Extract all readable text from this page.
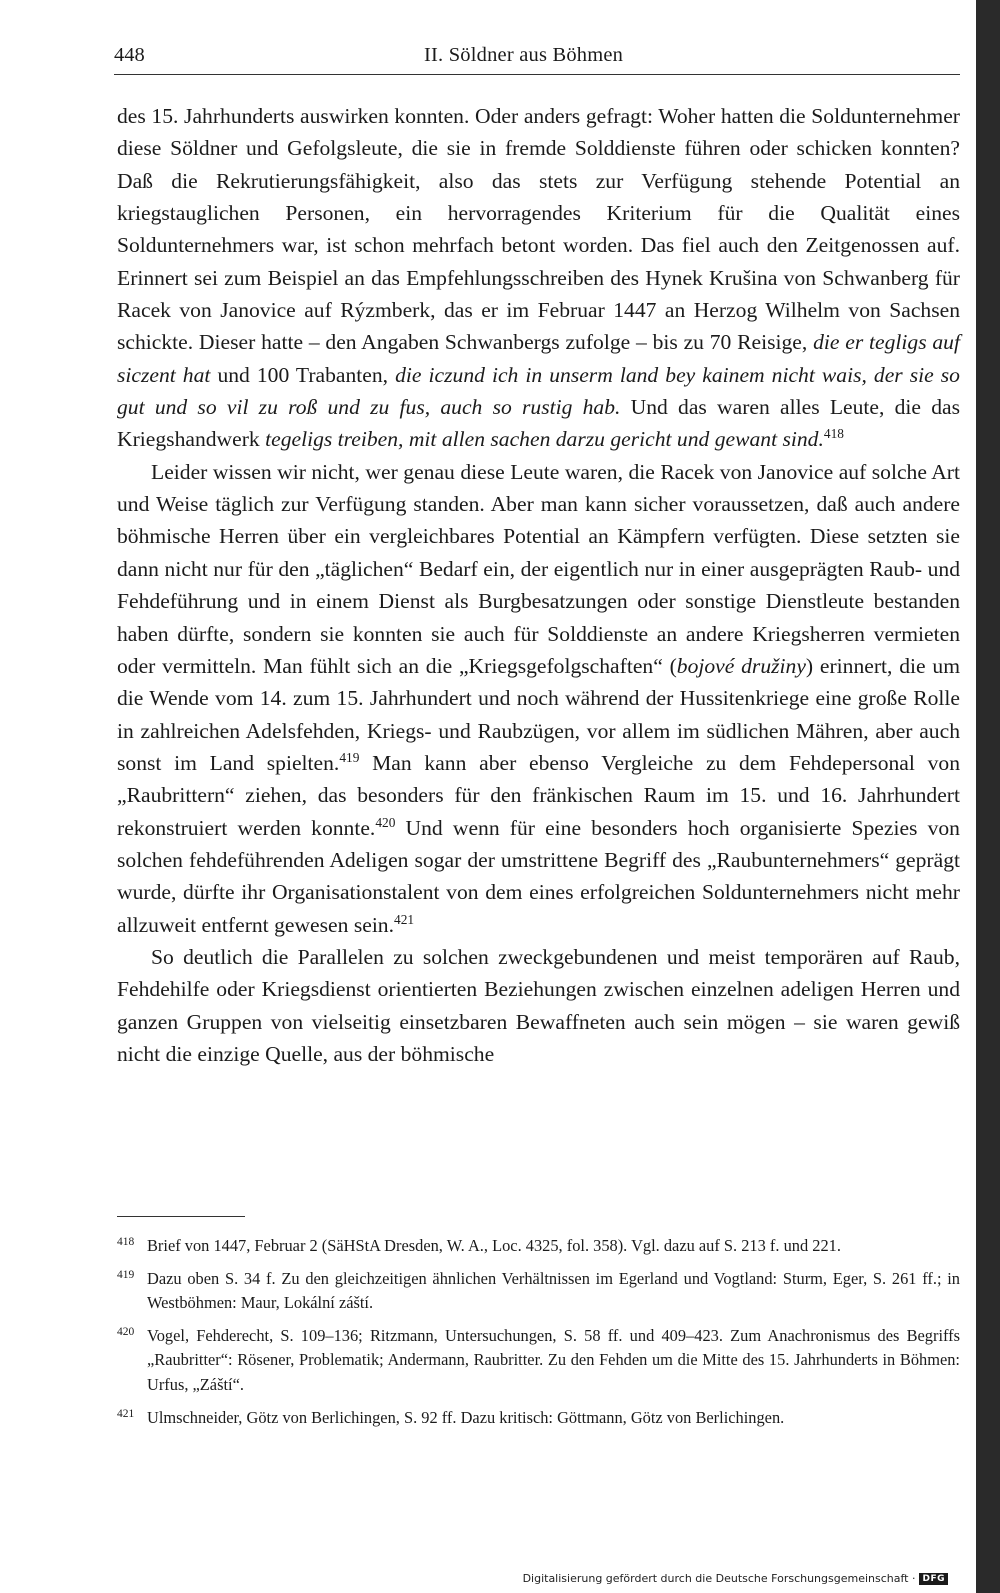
448	II. Söldner aus Böhmen

des 15. Jahrhunderts auswirken konnten. Oder anders gefragt: Woher hatten die Soldunternehmer diese Söldner und Gefolgsleute, die sie in fremde Solddienste führen oder schicken konnten? Daß die Rekrutierungsfähigkeit, also das stets zur Verfügung stehende Potential an kriegstauglichen Personen, ein hervorragendes Kriterium für die Qualität eines Soldunternehmers war, ist schon mehrfach betont worden. Das fiel auch den Zeitgenossen auf. Erinnert sei zum Beispiel an das Empfehlungsschreiben des Hynek Krušina von Schwanberg für Racek von Janovice auf Rýzmberk, das er im Februar 1447 an Herzog Wilhelm von Sachsen schickte. Dieser hatte – den Angaben Schwanbergs zufolge – bis zu 70 Reisige, die er tegligs auf siczent hat und 100 Trabanten, die iczund ich in unserm land bey kainem nicht wais, der sie so gut und so vil zu roß und zu fus, auch so rustig hab. Und das waren alles Leute, die das Kriegshandwerk tegeligs treiben, mit allen sachen darzu gericht und gewant sind.$^{418}$

Leider wissen wir nicht, wer genau diese Leute waren, die Racek von Janovice auf solche Art und Weise täglich zur Verfügung standen. Aber man kann sicher voraussetzen, daß auch andere böhmische Herren über ein vergleichbares Potential an Kämpfern verfügten. Diese setzten sie dann nicht nur für den „täglichen“ Bedarf ein, der eigentlich nur in einer ausgeprägten Raub- und Fehdeführung und in einem Dienst als Burgbesatzungen oder sonstige Dienstleute bestanden haben dürfte, sondern sie konnten sie auch für Solddienste an andere Kriegsherren vermieten oder vermitteln. Man fühlt sich an die „Kriegsgefolgschaften“ (bojové družiny) erinnert, die um die Wende vom 14. zum 15. Jahrhundert und noch während der Hussitenkriege eine große Rolle in zahlreichen Adelsfehden, Kriegs- und Raubzügen, vor allem im südlichen Mähren, aber auch sonst im Land spielten.$^{419}$ Man kann aber ebenso Vergleiche zu dem Fehdepersonal von „Raubrittern“ ziehen, das besonders für den fränkischen Raum im 15. und 16. Jahrhundert rekonstruiert werden konnte.$^{420}$ Und wenn für eine besonders hoch organisierte Spezies von solchen fehdeführenden Adeligen sogar der umstrittene Begriff des „Raubunternehmers“ geprägt wurde, dürfte ihr Organisationstalent von dem eines erfolgreichen Soldunternehmers nicht mehr allzuweit entfernt gewesen sein.$^{421}$

So deutlich die Parallelen zu solchen zweckgebundenen und meist temporären auf Raub, Fehdehilfe oder Kriegsdienst orientierten Beziehungen zwischen einzelnen adeligen Herren und ganzen Gruppen von vielseitig einsetzbaren Bewaffneten auch sein mögen – sie waren gewiß nicht die einzige Quelle, aus der böhmische

418 Brief von 1447, Februar 2 (SäHStA Dresden, W. A., Loc. 4325, fol. 358). Vgl. dazu auf S. 213 f. und 221.
419 Dazu oben S. 34 f. Zu den gleichzeitigen ähnlichen Verhältnissen im Egerland und Vogtland: Sturm, Eger, S. 261 ff.; in Westböhmen: Maur, Lokální záští.
420 Vogel, Fehderecht, S. 109–136; Ritzmann, Untersuchungen, S. 58 ff. und 409–423. Zum Anachronismus des Begriffs „Raubritter“: Rösener, Problematik; Andermann, Raubritter. Zu den Fehden um die Mitte des 15. Jahrhunderts in Böhmen: Urfus, „Záští“.
421 Ulmschneider, Götz von Berlichingen, S. 92 ff. Dazu kritisch: Göttmann, Götz von Berlichingen.
Digitalisierung gefördert durch die Deutsche Forschungsgemeinschaft · DFG
